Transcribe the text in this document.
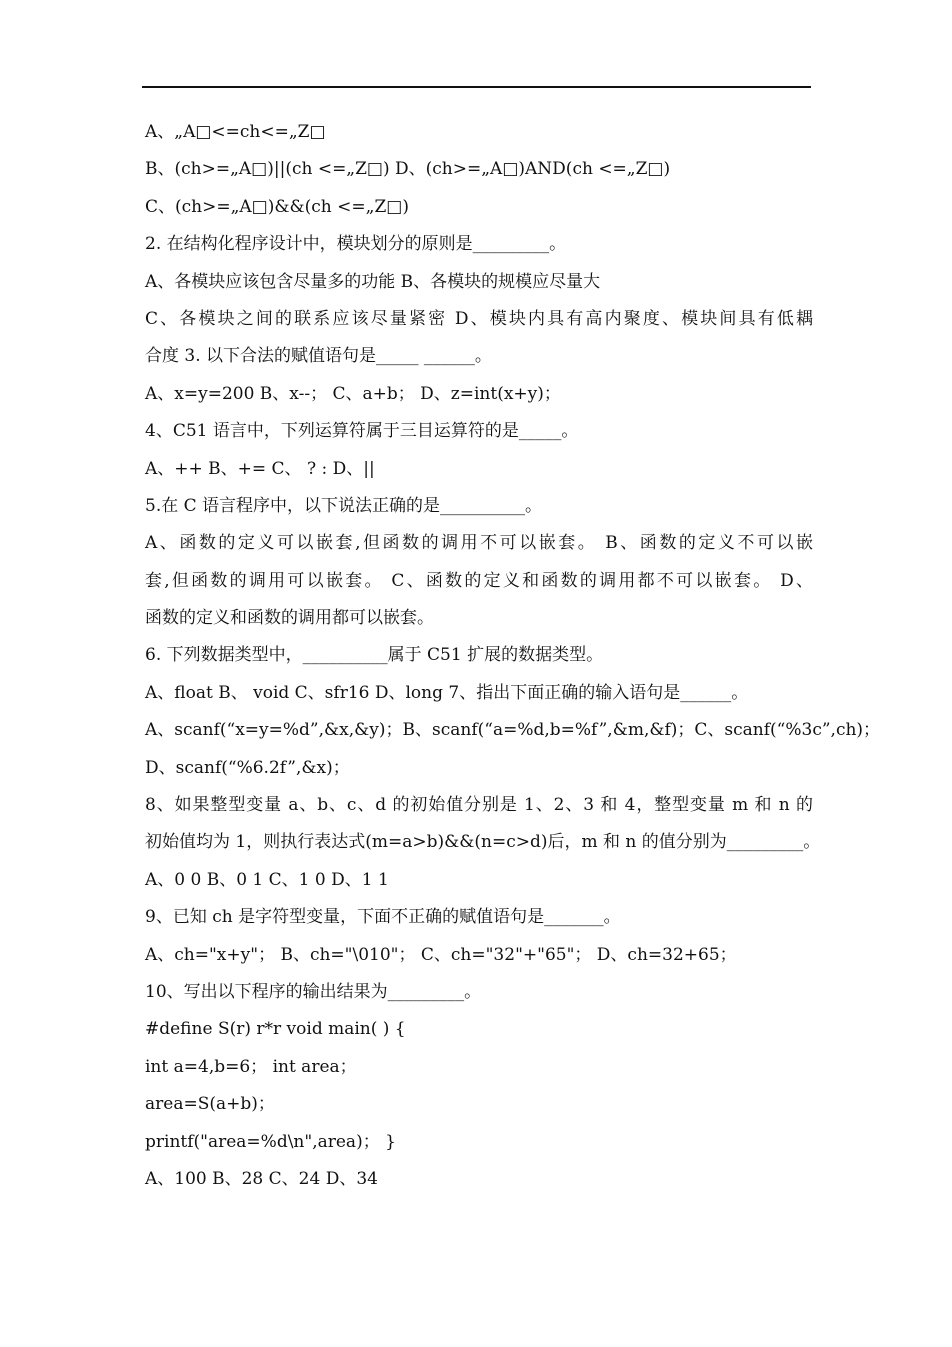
A、„A□<=ch<=„Z□
B、(ch>=„A□)||(ch <=„Z□) D、(ch>=„A□)AND(ch <=„Z□)
C、(ch>=„A□)&&(ch <=„Z□)
2. 在结构化程序设计中，模块划分的原则是_________。
A、各模块应该包含尽量多的功能 B、各模块的规模应尽量大
C、各模块之间的联系应该尽量紧密 D、模块内具有高内聚度、模块间具有低耦
合度 3. 以下合法的赋值语句是_____ ______。
A、x=y=200 B、x--； C、a+b； D、z=int(x+y)；
4、C51 语言中，下列运算符属于三目运算符的是_____。
A、++ B、+= C、 ? : D、||
5.在 C 语言程序中，以下说法正确的是__________。
A、函数的定义可以嵌套,但函数的调用不可以嵌套。 B、函数的定义不可以嵌
套,但函数的调用可以嵌套。 C、函数的定义和函数的调用都不可以嵌套。 D、
函数的定义和函数的调用都可以嵌套。
6. 下列数据类型中，__________属于 C51 扩展的数据类型。
A、float B、 void C、sfr16 D、long 7、指出下面正确的输入语句是______。
A、scanf(“x=y=%d”,&x,&y)；B、scanf(“a=%d,b=%f”,&m,&f)；C、scanf(“%3c”,ch)；
D、scanf(“%6.2f”,&x)；
8、如果整型变量 a、b、c、d 的初始值分别是 1、2、3 和 4，整型变量 m 和 n 的
初始值均为 1，则执行表达式(m=a>b)&&(n=c>d)后，m 和 n 的值分别为_________。
A、0 0 B、0 1 C、1 0 D、1 1
9、已知 ch 是字符型变量，下面不正确的赋值语句是_______。
A、ch="x+y"； B、ch="\010"； C、ch="32"+"65"； D、ch=32+65；
10、写出以下程序的输出结果为_________。
#define S(r) r*r void main( ) {
int a=4,b=6； int area；
area=S(a+b)；
printf("area=%d\n",area)； }
A、100 B、28 C、24 D、34
